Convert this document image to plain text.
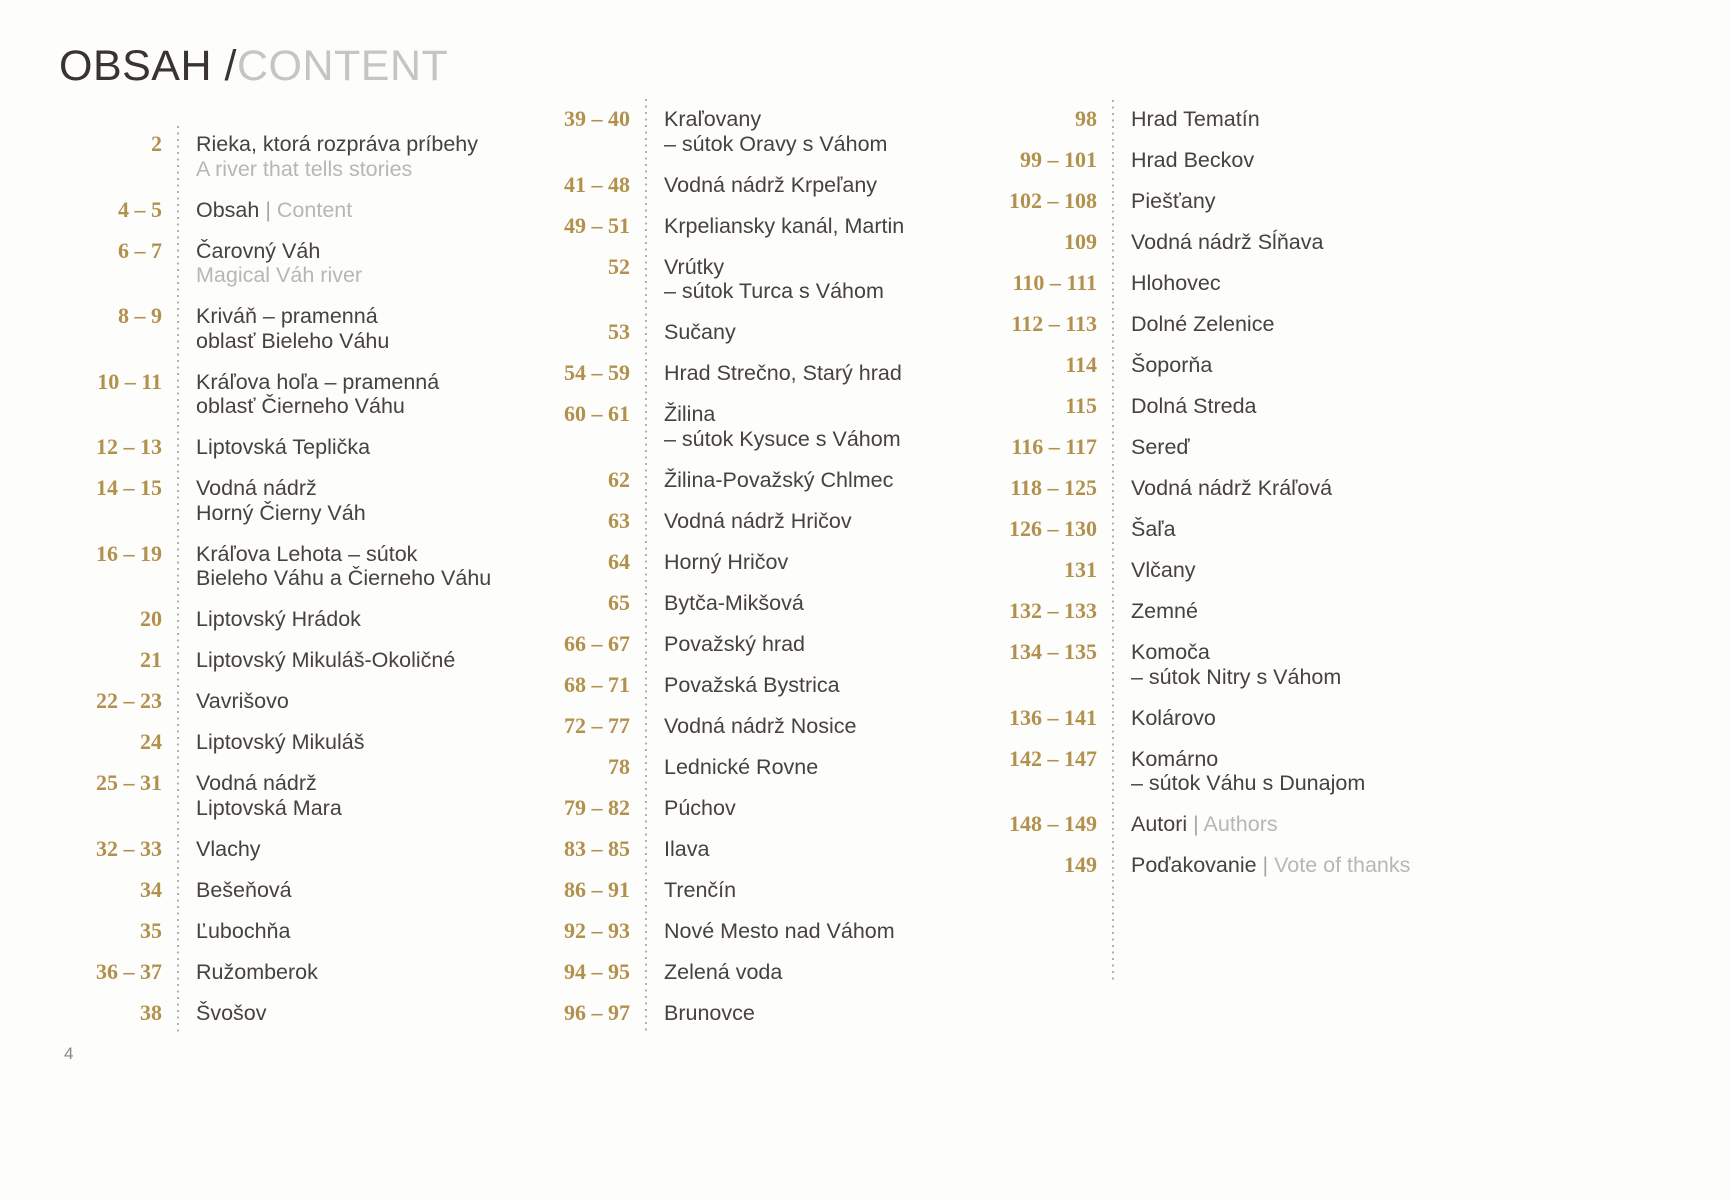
OBSAH /CONTENT
2 Rieka, ktorá rozpráva príbehy
A river that tells stories
4 – 5 Obsah | Content
6 – 7 Čarovný Váh
Magical Váh river
8 – 9 Kriváň – pramenná
oblasť Bieleho Váhu
10 – 11 Kráľova hoľa – pramenná
oblasť Čierneho Váhu
12 – 13 Liptovská Teplička
14 – 15 Vodná nádrž
Horný Čierny Váh
16 – 19 Kráľova Lehota – sútok
Bieleho Váhu a Čierneho Váhu
20 Liptovský Hrádok
21 Liptovský Mikuláš-Okoličné
22 – 23 Vavrišovo
24 Liptovský Mikuláš
25 – 31 Vodná nádrž
Liptovská Mara
32 – 33 Vlachy
34 Bešeňová
35 Ľubochňa
36 – 37 Ružomberok
38 Švošov
39 – 40 Kraľovany
– sútok Oravy s Váhom
41 – 48 Vodná nádrž Krpeľany
49 – 51 Krpeliansky kanál, Martin
52 Vrútky
– sútok Turca s Váhom
53 Sučany
54 – 59 Hrad Strečno, Starý hrad
60 – 61 Žilina
– sútok Kysuce s Váhom
62 Žilina-Považský Chlmec
63 Vodná nádrž Hričov
64 Horný Hričov
65 Bytča-Mikšová
66 – 67 Považský hrad
68 – 71 Považská Bystrica
72 – 77 Vodná nádrž Nosice
78 Lednické Rovne
79 – 82 Púchov
83 – 85 Ilava
86 – 91 Trenčín
92 – 93 Nové Mesto nad Váhom
94 – 95 Zelená voda
96 – 97 Brunovce
98 Hrad Tematín
99 – 101 Hrad Beckov
102 – 108 Piešťany
109 Vodná nádrž Sĺňava
110 – 111 Hlohovec
112 – 113 Dolné Zelenice
114 Šoporňa
115 Dolná Streda
116 – 117 Sereď
118 – 125 Vodná nádrž Kráľová
126 – 130 Šaľa
131 Vlčany
132 – 133 Zemné
134 – 135 Komoča
– sútok Nitry s Váhom
136 – 141 Kolárovo
142 – 147 Komárno
– sútok Váhu s Dunajom
148 – 149 Autori | Authors
149 Poďakovanie | Vote of thanks
4
